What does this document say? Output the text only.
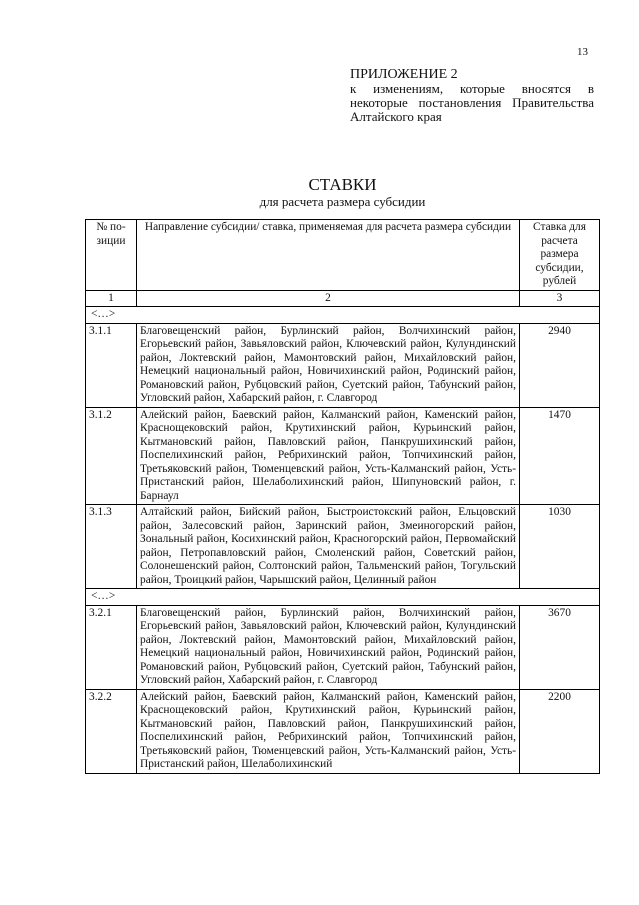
13
ПРИЛОЖЕНИЕ 2
к изменениям, которые вносятся в некоторые постановления Правительства Алтайского края
СТАВКИ
для расчета размера субсидии
№ по-зиции	Направление субсидии/ ставка, применяемая для расчета размера субсидии	Ставка для расчета размера субсидии, рублей
1	2	3
<…>		
3.1.1	Благовещенский район, Бурлинский район, Волчихинский район, Егорьевский район, Завьяловский район, Ключевский район, Кулундинский район, Локтевский район, Мамонтовский район, Михайловский район, Немецкий национальный район, Новичихинский район, Родинский район, Романовский район, Рубцовский район, Суетский район, Табунский район, Угловский район, Хабарский район, г. Славгород	2940
3.1.2	Алейский район, Баевский район, Калманский район, Каменский район, Краснощековский район, Крутихинский район, Курьинский район, Кытмановский район, Павловский район, Панкрушихинский район, Поспелихинский район, Ребрихинский район, Топчихинский район, Третьяковский район, Тюменцевский район, Усть-Калманский район, Усть-Пристанский район, Шелаболихинский район, Шипуновский район, г. Барнаул	1470
3.1.3	Алтайский район, Бийский район, Быстроистокский район, Ельцовский район, Залесовский район, Заринский район, Змеиногорский район, Зональный район, Косихинский район, Красногорский район, Первомайский район, Петропавловский район, Смоленский район, Советский район, Солонешенский район, Солтонский район, Тальменский район, Тогульский район, Троицкий район, Чарышский район, Целинный район	1030
<…>		
3.2.1	Благовещенский район, Бурлинский район, Волчихинский район, Егорьевский район, Завьяловский район, Ключевский район, Кулундинский район, Локтевский район, Мамонтовский район, Михайловский район, Немецкий национальный район, Новичихинский район, Родинский район, Романовский район, Рубцовский район, Суетский район, Табунский район, Угловский район, Хабарский район, г. Славгород	3670
3.2.2	Алейский район, Баевский район, Калманский район, Каменский район, Краснощековский район, Крутихинский район, Курьинский район, Кытмановский район, Павловский район, Панкрушихинский район, Поспелихинский район, Ребрихинский район, Топчихинский район, Третьяковский район, Тюменцевский район, Усть-Калманский район, Усть-Пристанский район, Шелаболихинский	2200
